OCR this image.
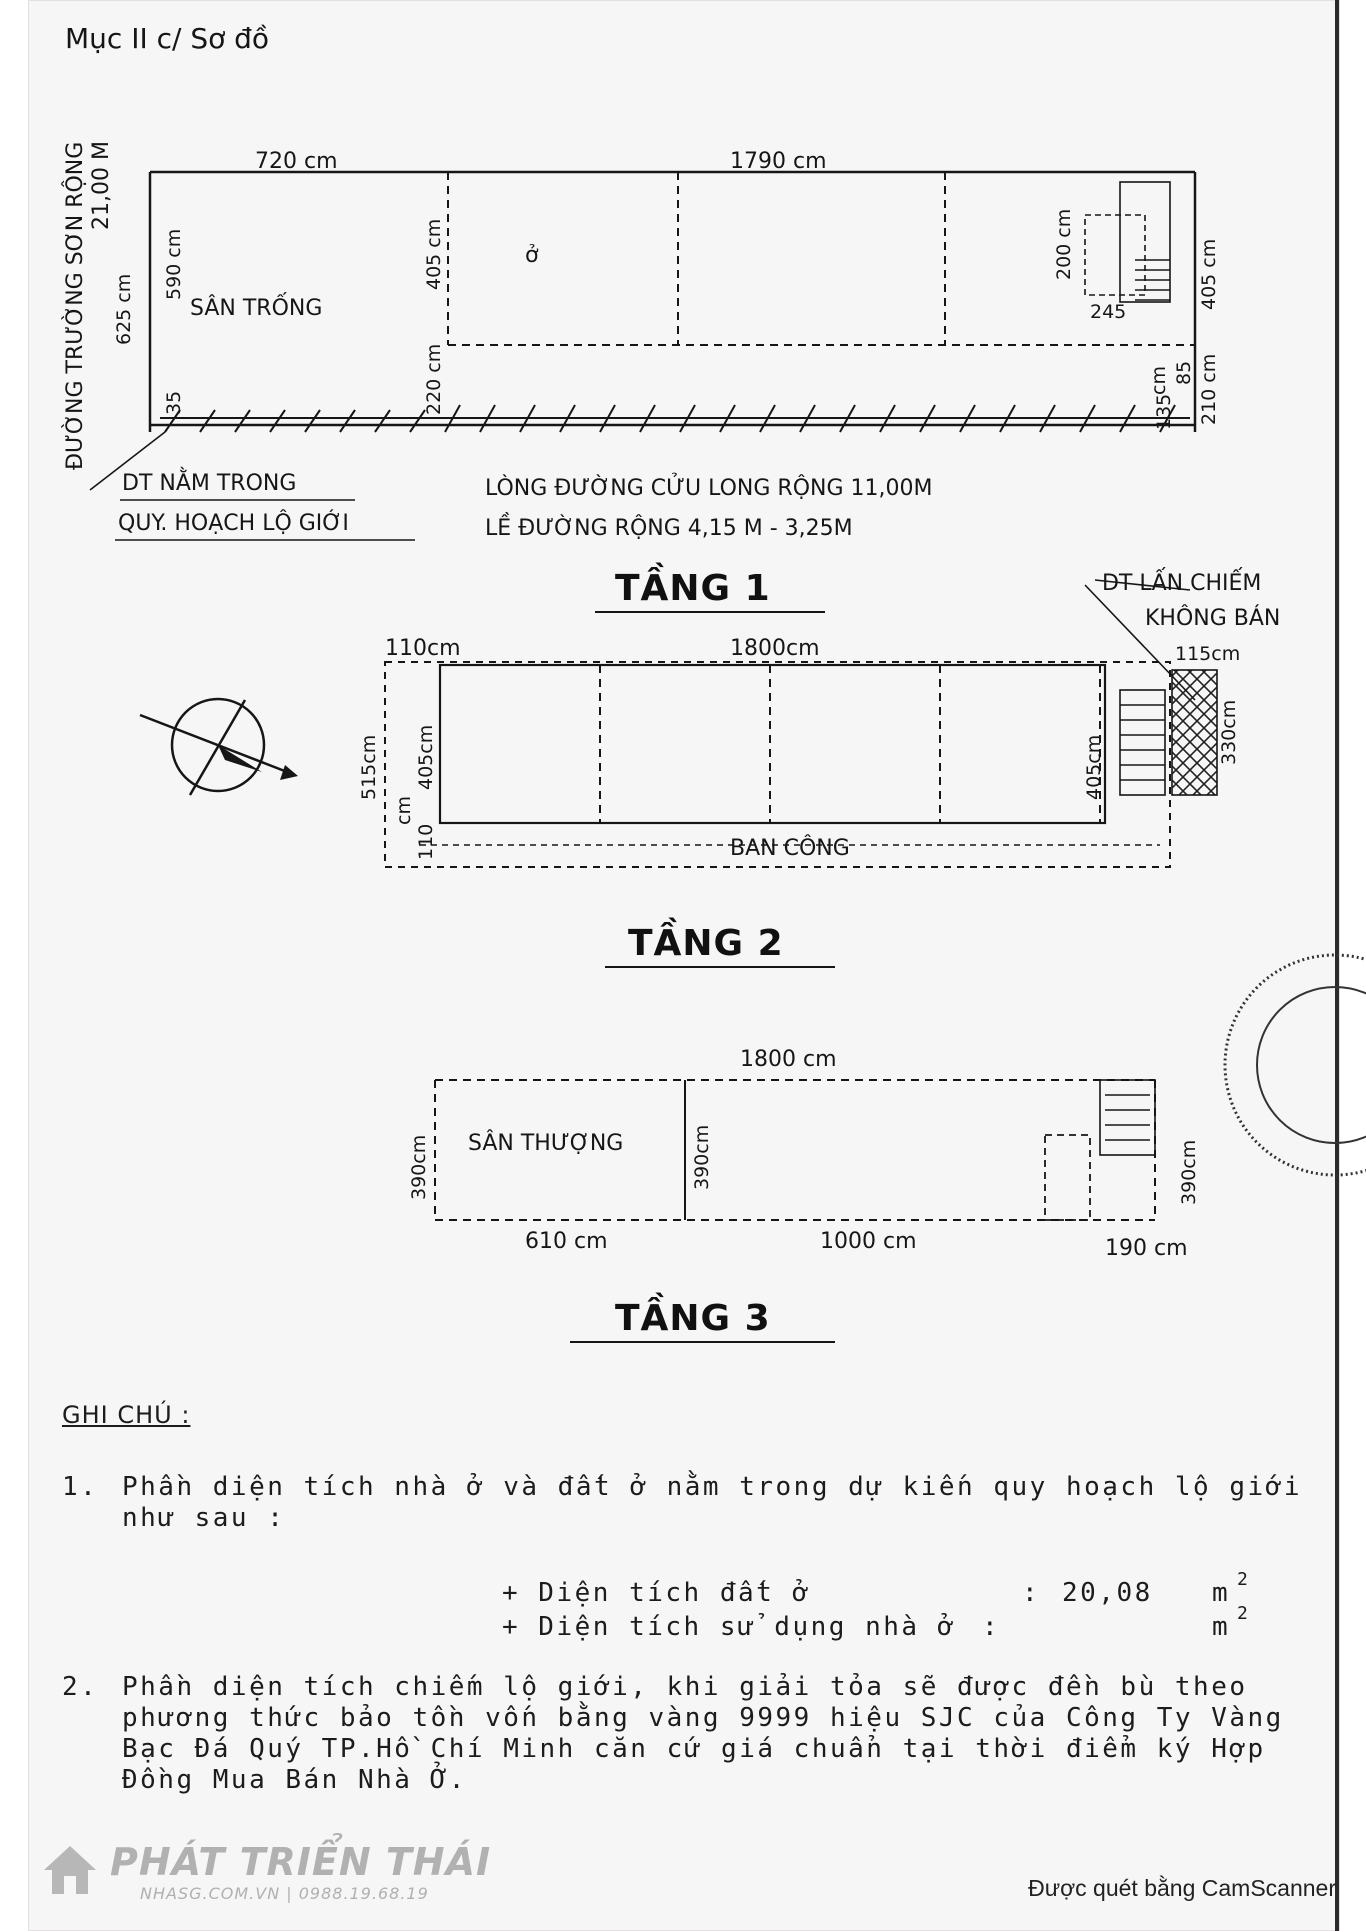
Mục II c/ Sơ đồ
720 cm	1790 cm
ĐƯỜNG TRƯỜNG SƠN RỘNG 21,00 M
625 cm
590 cm
35
405 cm
220 cm
SÂN TRỐNG
ở	200 cm
245
405 cm
210 cm
135
85
cm
DT NẰM TRONG
QUY. HOẠCH LỘ GIỚI
LÒNG ĐƯỜNG CỬU LONG RỘNG 11,00M
LỀ ĐƯỜNG RỘNG 4,15 M - 3,25M
TẦNG 1	DT LẤN CHIẾM
KHÔNG BÁN
110cm	1800cm	115cm
515cm 405cm
110
cm
405cm
330cm
BAN CÔNG
TẦNG 2
1800 cm
390cm SÂN THƯỢNG	390cm	390cm
610 cm	1000 cm	190 cm
TẦNG 3
GHI CHÚ :
1. Phần diện tích nhà ở và đất ở nằm trong dự kiến quy hoạch lộ giới như sau :
+ Diện tích đất ở	: 20,08 m 2
+ Diện tích sử dụng nhà ở :	m 2
2. Phần diện tích chiếm lộ giới, khi giải tỏa sẽ được đền bù theo phương thức bảo tồn vốn bằng vàng 9999 hiệu SJC của Công Ty Vàng Bạc Đá Quý TP.Hồ Chí Minh căn cứ giá chuẩn tại thời điểm ký Hợp Đồng Mua Bán Nhà Ở.
PHÁT TRIỂN THÁI
NHASG.COM.VN | 0988.19.68.19	Được quét bằng CamScanner
